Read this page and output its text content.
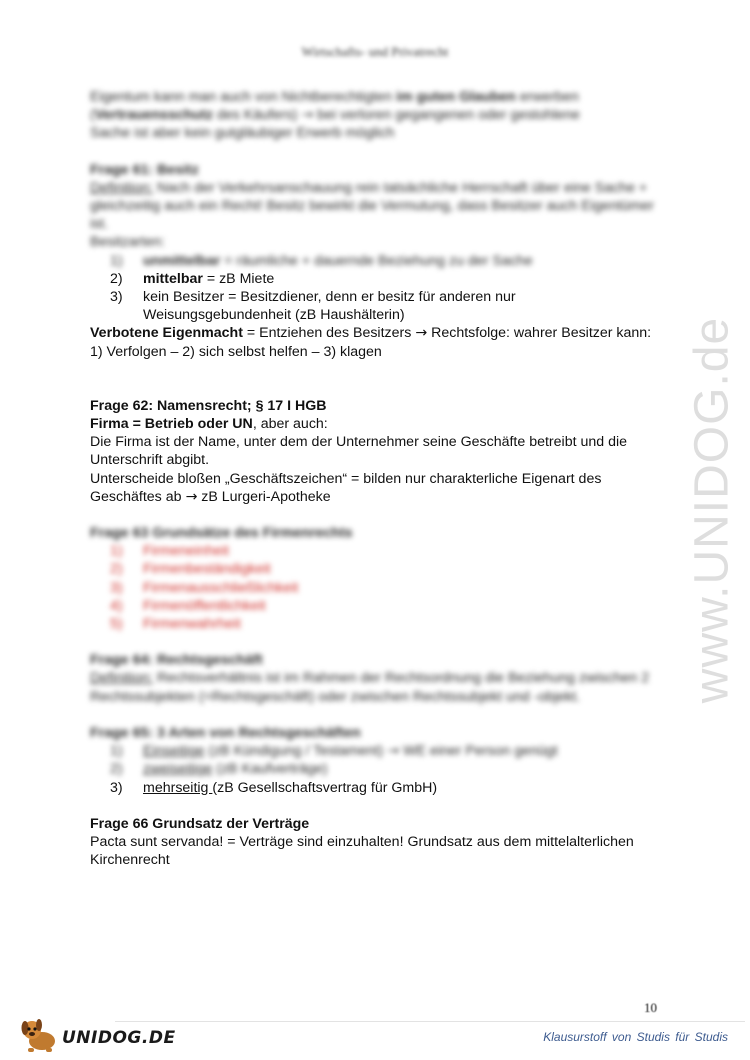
Wirtschafts- und Privatrecht
www.UNIDOG.de

Eigentum kann man auch von Nichtberechtigten im guten Glauben erwerben

(Vertrauensschutz des Käufers) → bei verloren gegangenen oder gestohlene

Sache ist aber kein gutgläubiger Erwerb möglich

Frage 61: Besitz

Definition: Nach der Verkehrsanschauung rein tatsächliche Herrschaft über eine Sache + gleichzeitig auch ein Recht! Besitz bewirkt die Vermutung, dass Besitzer auch Eigentümer ist.

Besitzarten:

1) unmittelbar = räumliche + dauernde Beziehung zu der Sache
2) mittelbar = zB Miete
3) kein Besitzer = Besitzdiener, denn er besitz für anderen nur Weisungsgebundenheit (zB Haushälterin)

Verbotene Eigenmacht = Entziehen des Besitzers → Rechtsfolge: wahrer Besitzer kann: 1) Verfolgen – 2) sich selbst helfen – 3) klagen

Frage 62: Namensrecht; § 17 I HGB

Firma = Betrieb oder UN, aber auch:

Die Firma ist der Name, unter dem der Unternehmer seine Geschäfte betreibt und die Unterschrift abgibt.

Unterscheide bloßen „Geschäftszeichen“ = bilden nur charakterliche Eigenart des Geschäftes ab → zB Lurgeri-Apotheke

Frage 63 Grundsätze des Firmenrechts

1) Firmeneinheit
2) Firmenbeständigkeit
3) Firmenausschließlichkeit
4) Firmenöffentlichkeit
5) Firmenwahrheit

Frage 64: Rechtsgeschäft

Definition: Rechtsverhältnis ist im Rahmen der Rechtsordnung die Beziehung zwischen 2 Rechtssubjekten (=Rechtsgeschäft) oder zwischen Rechtssubjekt und -objekt.

Frage 65: 3 Arten von Rechtsgeschäften

1) Einseitige (zB Kündigung / Testament) → WE einer Person genügt
2) zweiseitige (zB Kaufverträge)
3) mehrseitig (zB Gesellschaftsvertrag für GmbH)

Frage 66 Grundsatz der Verträge

Pacta sunt servanda! = Verträge sind einzuhalten! Grundsatz aus dem mittelalterlichen Kirchenrecht

10
UNIDOG.DE	Klausurstoff von Studis für Studis
